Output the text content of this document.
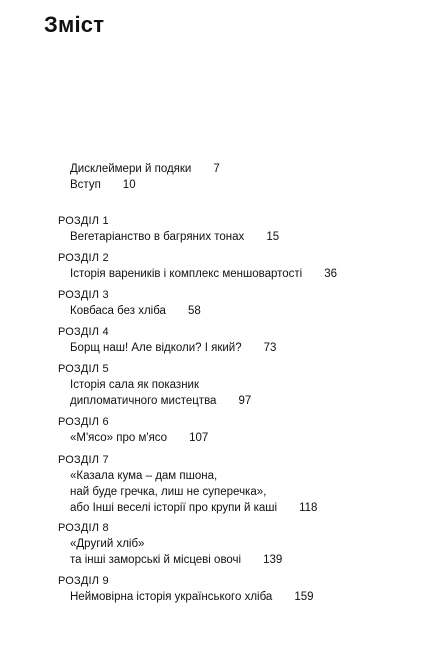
Зміст
Дисклеймери й подяки 7
Вступ 10
РОЗДІЛ 1
Вегетаріанство в багряних тонах 15
РОЗДІЛ 2
Історія вареників і комплекс меншовартості 36
РОЗДІЛ 3
Ковбаса без хліба 58
РОЗДІЛ 4
Борщ наш! Але відколи? І який? 73
РОЗДІЛ 5
Історія сала як показник
дипломатичного мистецтва 97
РОЗДІЛ 6
«М'ясо» про м'ясо 107
РОЗДІЛ 7
«Казала кума – дам пшона,
най буде гречка, лиш не суперечка»,
або Інші веселі історії про крупи й каші 118
РОЗДІЛ 8
«Другий хліб»
та інші заморські й місцеві овочі 139
РОЗДІЛ 9
Неймовірна історія українського хліба 159
